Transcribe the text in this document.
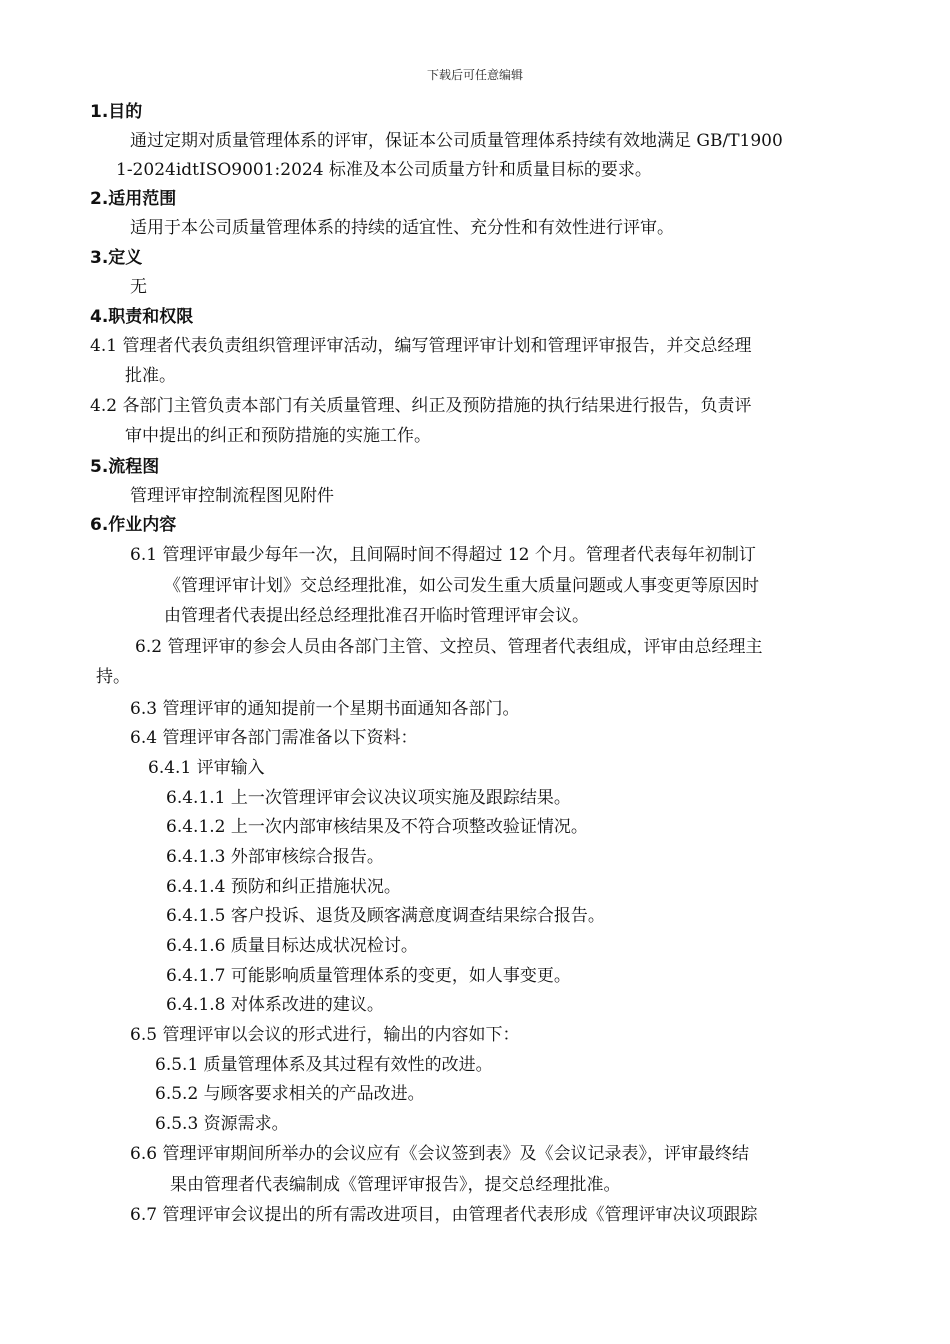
下载后可任意编辑
1.目的
通过定期对质量管理体系的评审，保证本公司质量管理体系持续有效地满足 GB/T1900
1-2024idtISO9001:2024 标准及本公司质量方针和质量目标的要求。
2.适用范围
适用于本公司质量管理体系的持续的适宜性、充分性和有效性进行评审。
3.定义
无
4.职责和权限
4.1 管理者代表负责组织管理评审活动，编写管理评审计划和管理评审报告，并交总经理
批准。
4.2 各部门主管负责本部门有关质量管理、纠正及预防措施的执行结果进行报告，负责评
审中提出的纠正和预防措施的实施工作。
5.流程图
管理评审控制流程图见附件
6.作业内容
6.1 管理评审最少每年一次，且间隔时间不得超过 12 个月。管理者代表每年初制订
《管理评审计划》交总经理批准，如公司发生重大质量问题或人事变更等原因时
由管理者代表提出经总经理批准召开临时管理评审会议。
6.2 管理评审的参会人员由各部门主管、文控员、管理者代表组成，评审由总经理主
持。
6.3 管理评审的通知提前一个星期书面通知各部门。
6.4 管理评审各部门需准备以下资料：
6.4.1 评审输入
6.4.1.1 上一次管理评审会议决议项实施及跟踪结果。
6.4.1.2 上一次内部审核结果及不符合项整改验证情况。
6.4.1.3 外部审核综合报告。
6.4.1.4 预防和纠正措施状况。
6.4.1.5 客户投诉、退货及顾客满意度调查结果综合报告。
6.4.1.6 质量目标达成状况检讨。
6.4.1.7 可能影响质量管理体系的变更，如人事变更。
6.4.1.8 对体系改进的建议。
6.5 管理评审以会议的形式进行，输出的内容如下：
6.5.1 质量管理体系及其过程有效性的改进。
6.5.2 与顾客要求相关的产品改进。
6.5.3 资源需求。
6.6 管理评审期间所举办的会议应有《会议签到表》及《会议记录表》，评审最终结
果由管理者代表编制成《管理评审报告》，提交总经理批准。
6.7 管理评审会议提出的所有需改进项目，由管理者代表形成《管理评审决议项跟踪
